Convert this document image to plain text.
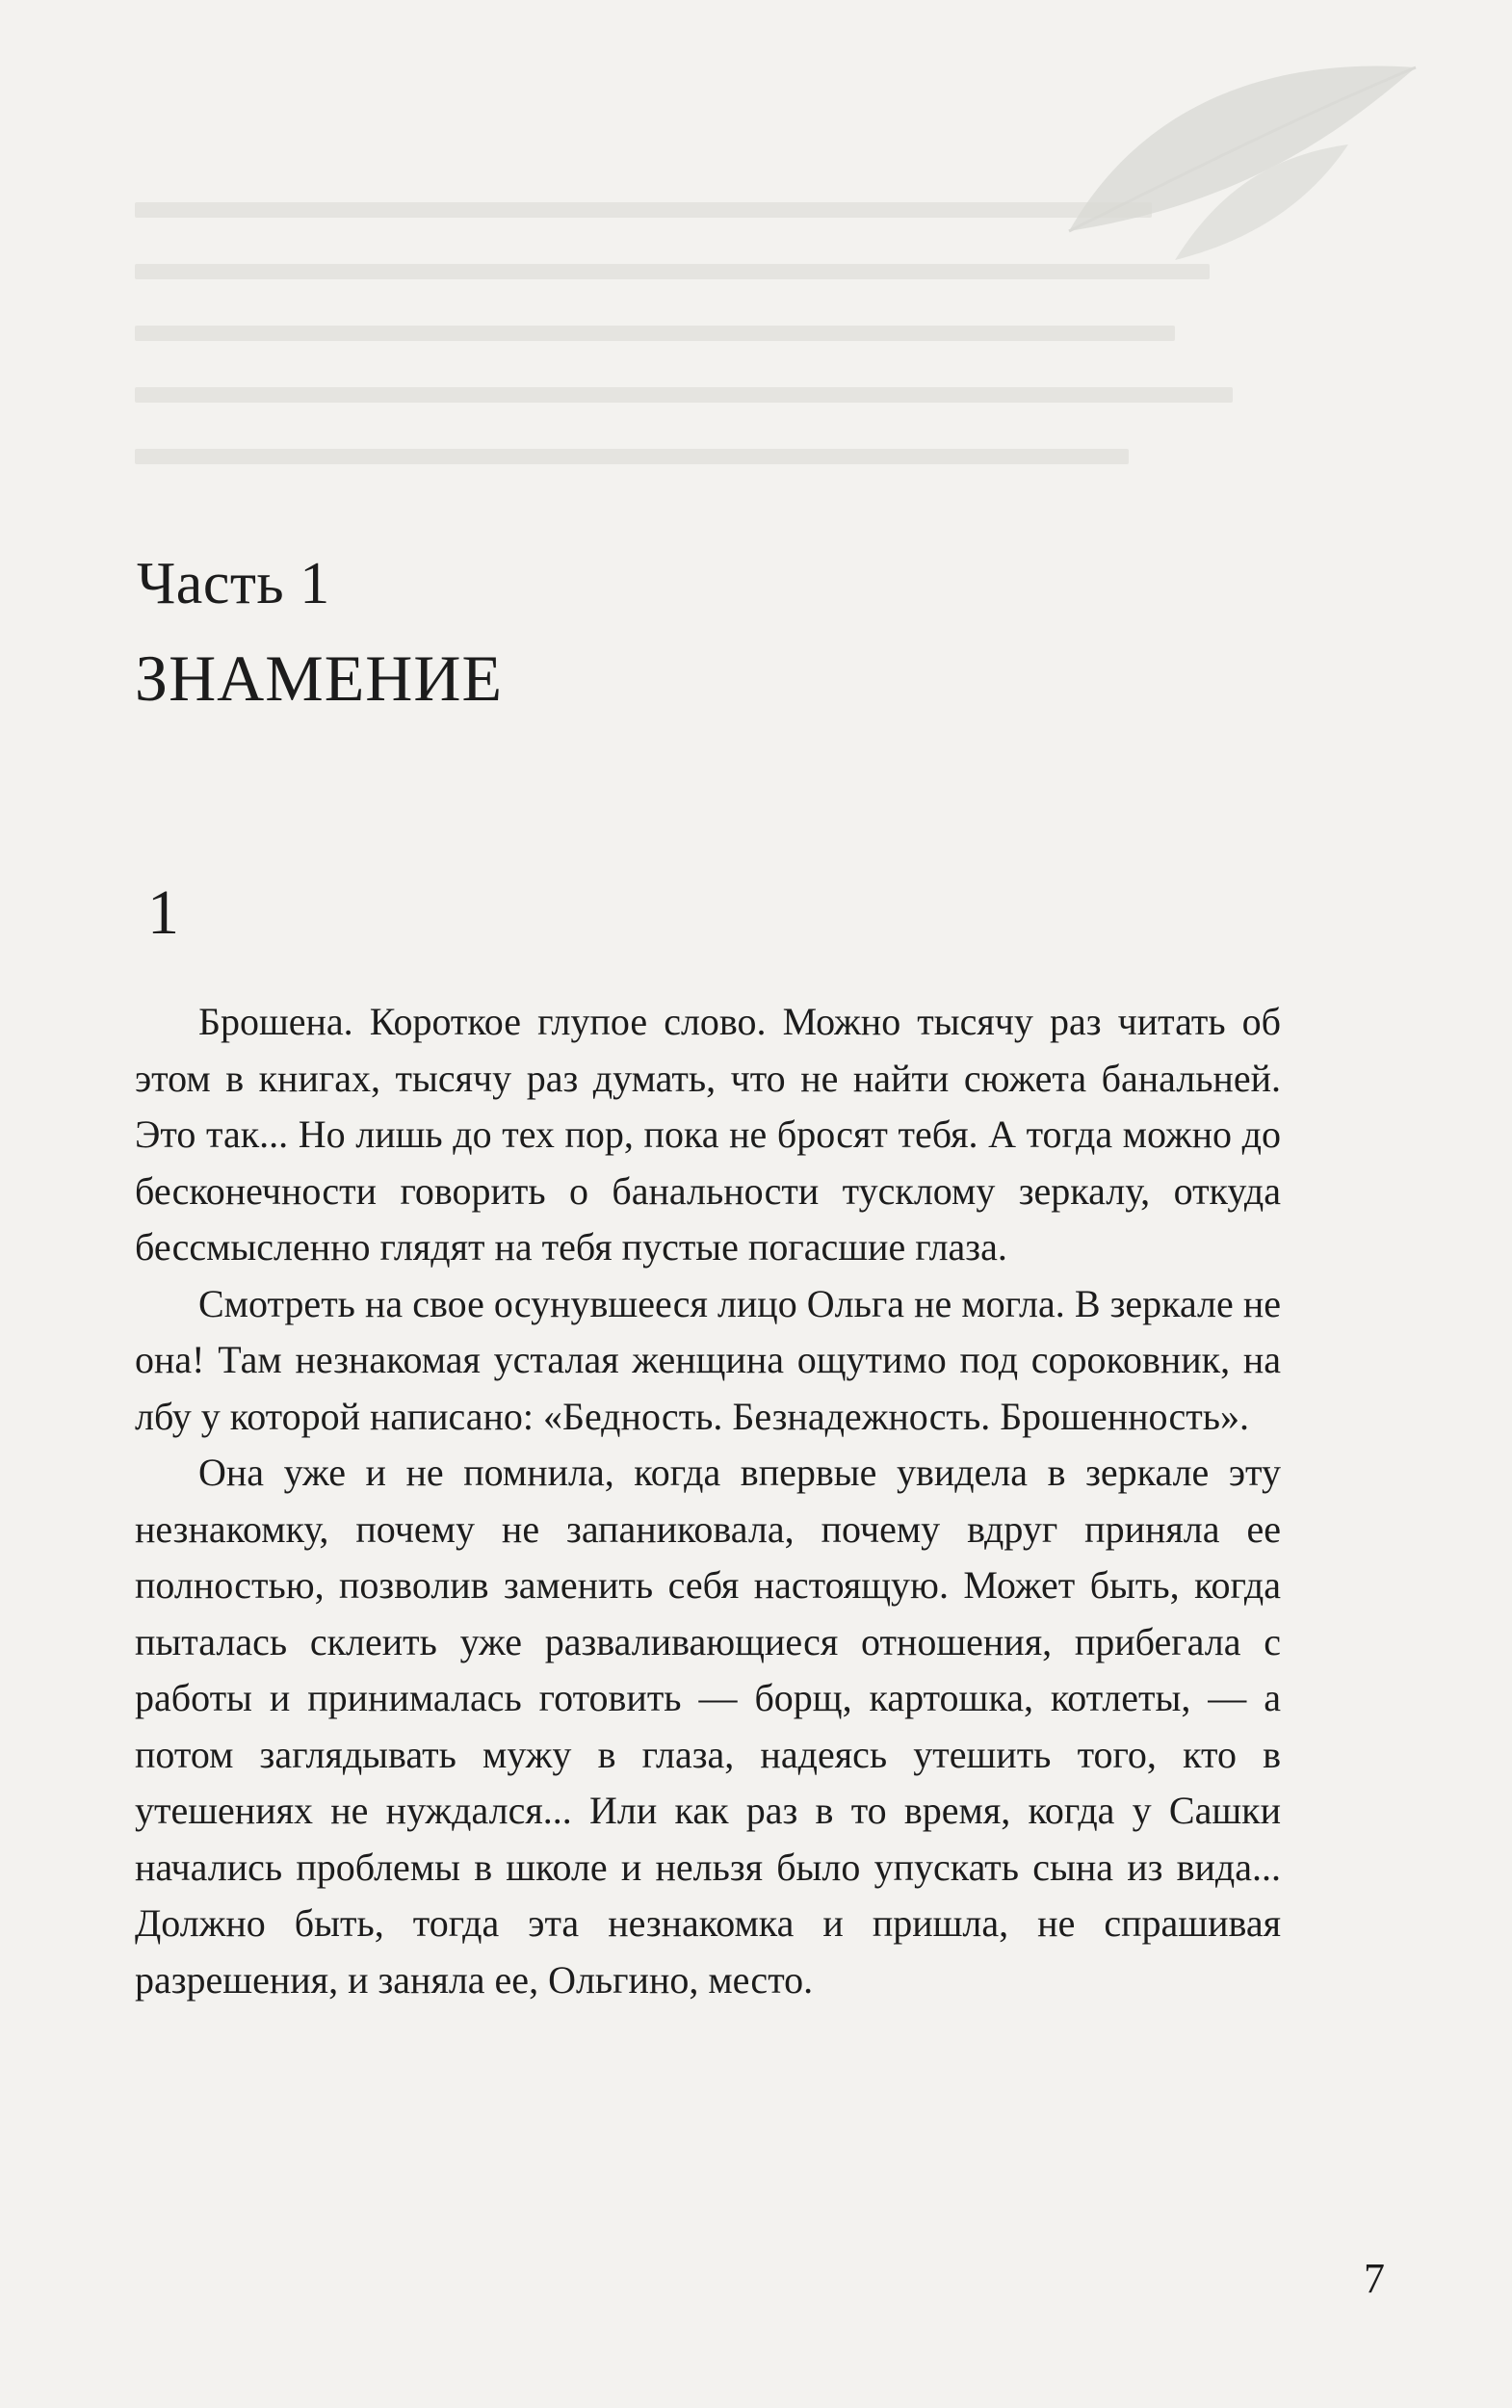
Часть 1
ЗНАМЕНИЕ
1

Брошена. Короткое глупое слово. Можно тысячу раз читать об этом в книгах, тысячу раз думать, что не найти сюжета банальней. Это так... Но лишь до тех пор, пока не бросят тебя. А тогда можно до бесконечности говорить о банальности тусклому зеркалу, откуда бессмысленно глядят на тебя пустые погасшие глаза.

Смотреть на свое осунувшееся лицо Ольга не могла. В зеркале не она! Там незнакомая усталая женщина ощутимо под сороковник, на лбу у которой написано: «Бедность. Безнадежность. Брошенность».

Она уже и не помнила, когда впервые увидела в зеркале эту незнакомку, почему не запаниковала, почему вдруг приняла ее полностью, позволив заменить себя настоящую. Может быть, когда пыталась склеить уже разваливающиеся отношения, прибегала с работы и принималась готовить — борщ, картошка, котлеты, — а потом заглядывать мужу в глаза, надеясь утешить того, кто в утешениях не нуждался... Или как раз в то время, когда у Сашки начались проблемы в школе и нельзя было упускать сына из вида... Должно быть, тогда эта незнакомка и пришла, не спрашивая разрешения, и заняла ее, Ольгино, место.

7
